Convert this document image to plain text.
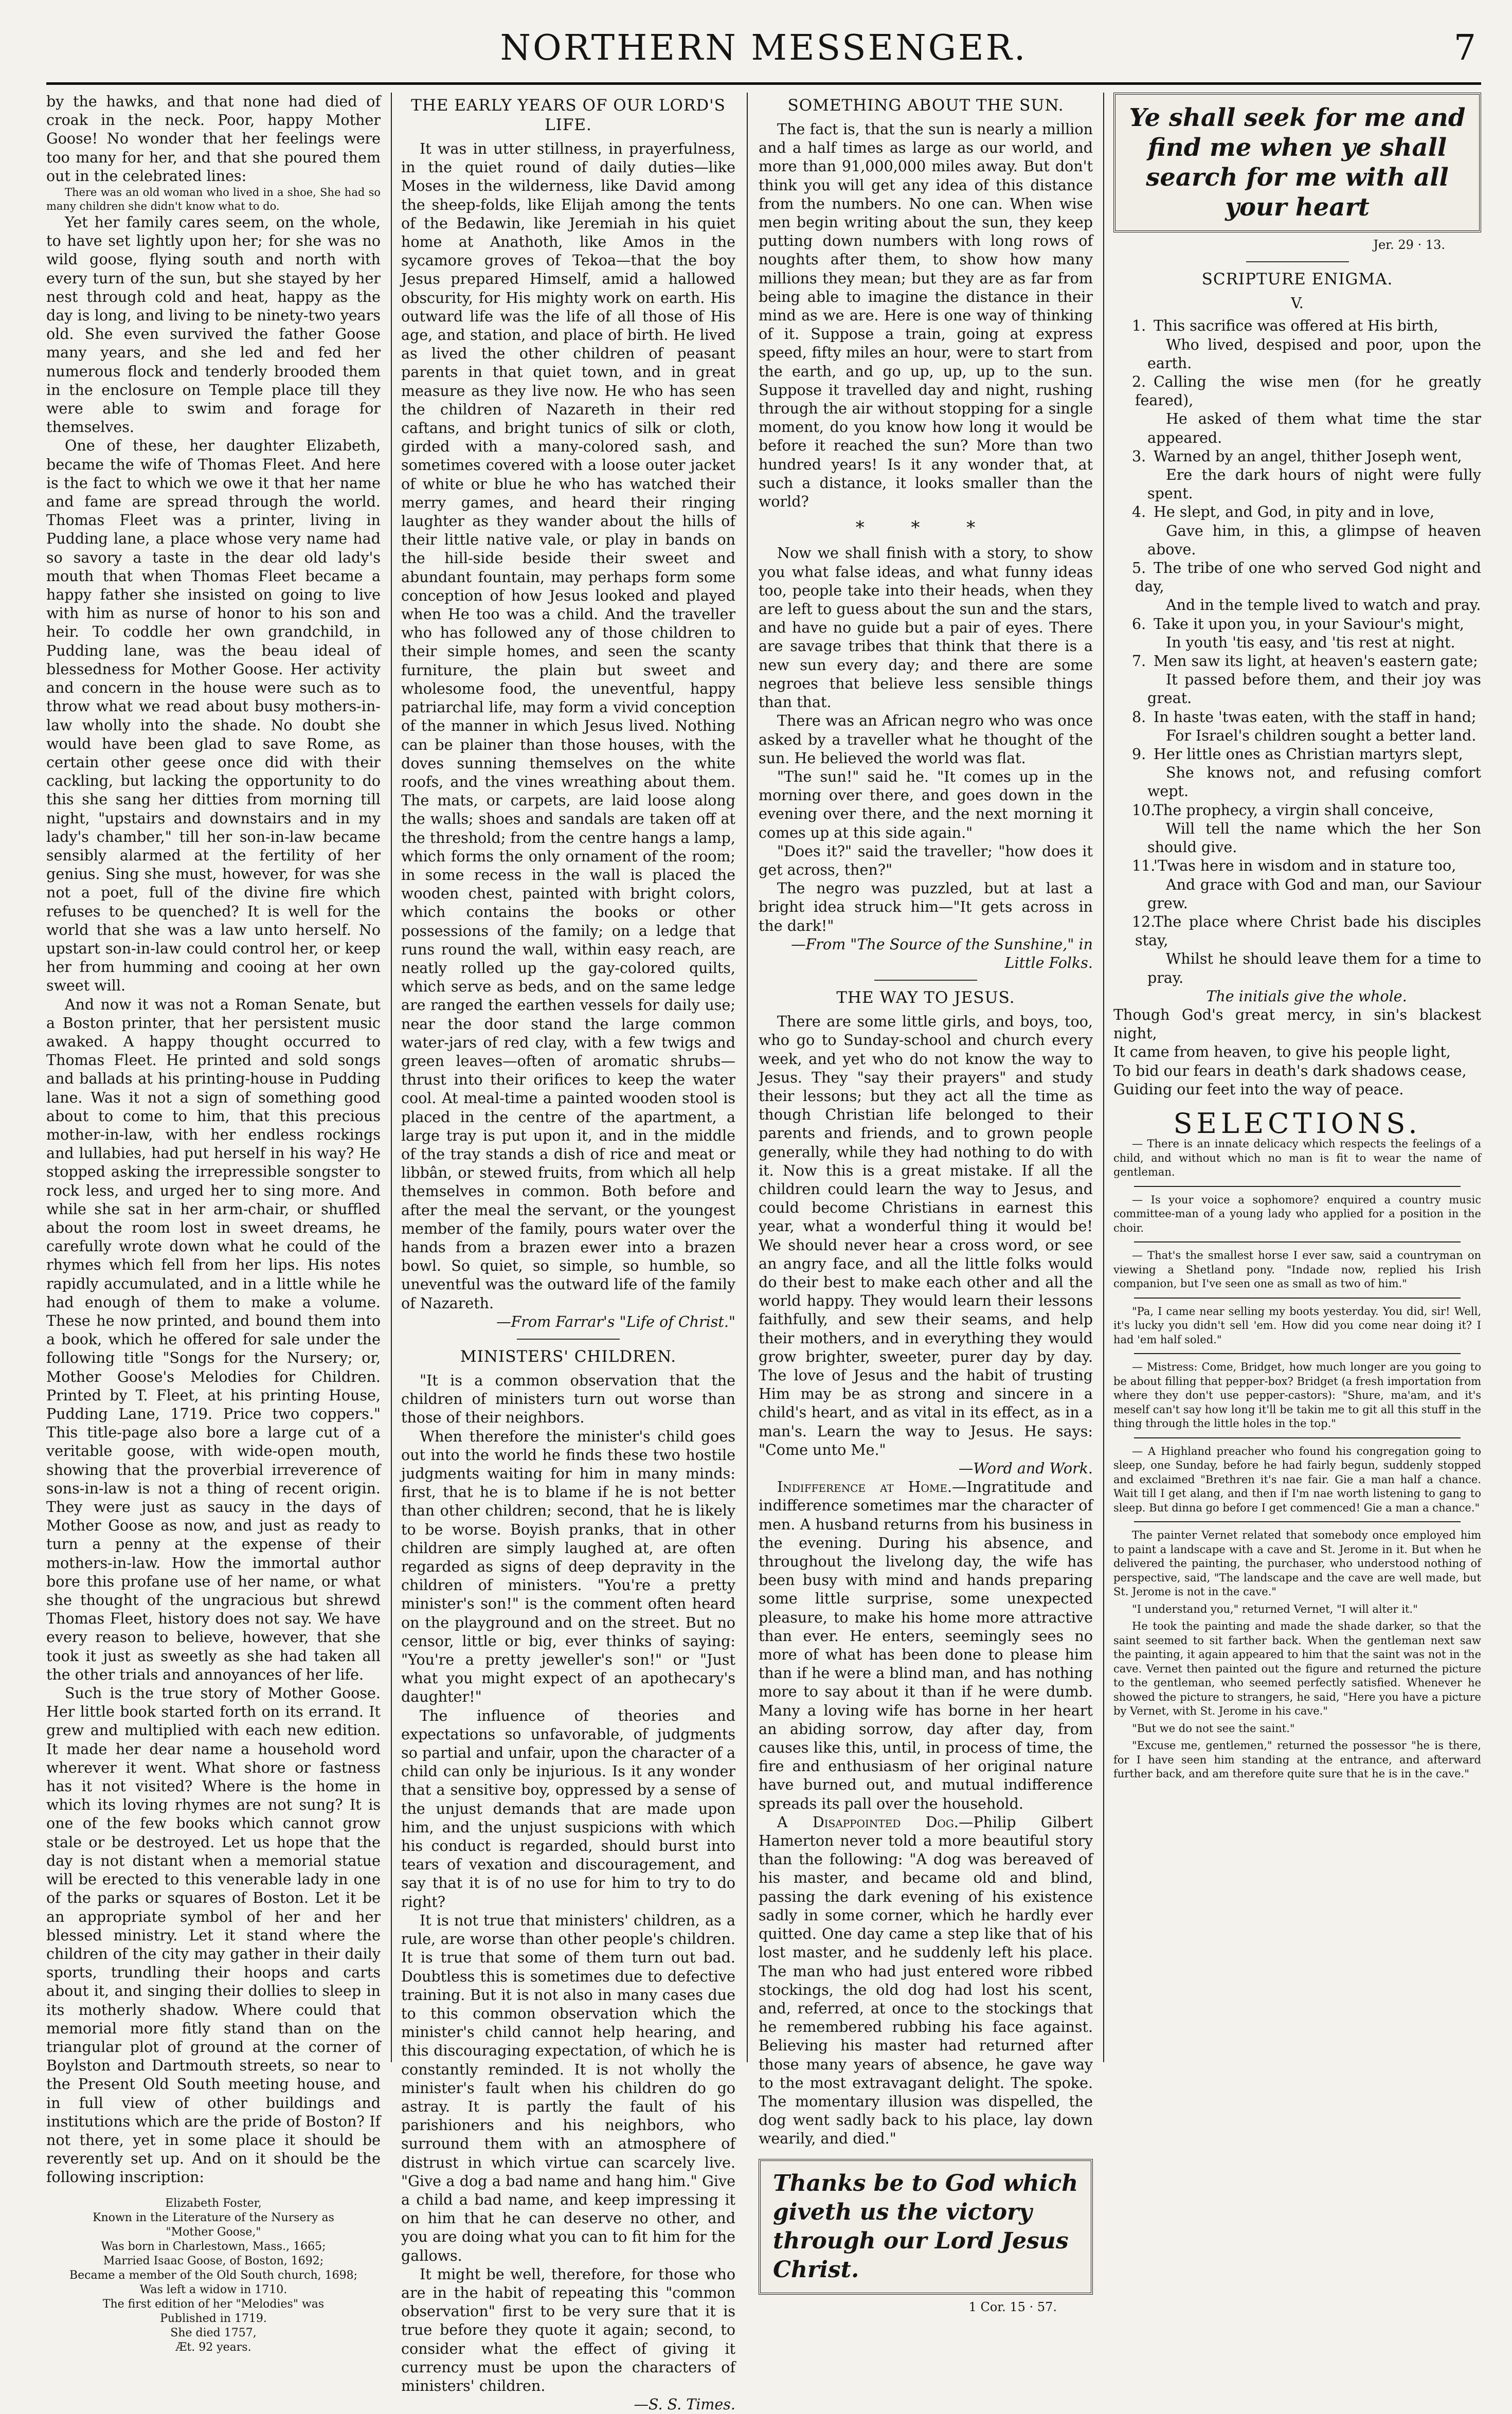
NORTHERN MESSENGER.	7

by the hawks, and that none had died of croak in the neck. Poor, happy Mother Goose! No wonder that her feelings were too many for her, and that she poured them out in the celebrated lines:

There was an old woman who lived in a shoe, She had so many children she didn't know what to do.

Yet her family cares seem, on the whole, to have set lightly upon her; for she was no wild goose, flying south and north with every turn of the sun, but she stayed by her nest through cold and heat, happy as the day is long, and living to be ninety-two years old. She even survived the father Goose many years, and she led and fed her numerous flock and tenderly brooded them in the enclosure on Temple place till they were able to swim and forage for themselves.

One of these, her daughter Elizabeth, became the wife of Thomas Fleet. And here is the fact to which we owe it that her name and fame are spread through the world. Thomas Fleet was a printer, living in Pudding lane, a place whose very name had so savory a taste in the dear old lady's mouth that when Thomas Fleet became a happy father she insisted on going to live with him as nurse of honor to his son and heir. To coddle her own grandchild, in Pudding lane, was the beau ideal of blessedness for Mother Goose. Her activity and concern in the house were such as to throw what we read about busy mothers-in-law wholly into the shade. No doubt she would have been glad to save Rome, as certain other geese once did with their cackling, but lacking the opportunity to do this she sang her ditties from morning till night, "upstairs and downstairs and in my lady's chamber," till her son-in-law became sensibly alarmed at the fertility of her genius. Sing she must, however, for was she not a poet, full of the divine fire which refuses to be quenched? It is well for the world that she was a law unto herself. No upstart son-in-law could control her, or keep her from humming and cooing at her own sweet will.

And now it was not a Roman Senate, but a Boston printer, that her persistent music awaked. A happy thought occurred to Thomas Fleet. He printed and sold songs and ballads at his printing-house in Pudding lane. Was it not a sign of something good about to come to him, that this precious mother-in-law, with her endless rockings and lullabies, had put herself in his way? He stopped asking the irrepressible songster to rock less, and urged her to sing more. And while she sat in her arm-chair, or shuffled about the room lost in sweet dreams, he carefully wrote down what he could of the rhymes which fell from her lips. His notes rapidly accumulated, and in a little while he had enough of them to make a volume. These he now printed, and bound them into a book, which he offered for sale under the following title "Songs for the Nursery; or, Mother Goose's Melodies for Children. Printed by T. Fleet, at his printing House, Pudding Lane, 1719. Price two coppers." This title-page also bore a large cut of a veritable goose, with wide-open mouth, showing that the proverbial irreverence of sons-in-law is not a thing of recent origin. They were just as saucy in the days of Mother Goose as now, and just as ready to turn a penny at the expense of their mothers-in-law. How the immortal author bore this profane use of her name, or what she thought of the ungracious but shrewd Thomas Fleet, history does not say. We have every reason to believe, however, that she took it just as sweetly as she had taken all the other trials and annoyances of her life.

Such is the true story of Mother Goose. Her little book started forth on its errand. It grew and multiplied with each new edition. It made her dear name a household word wherever it went. What shore or fastness has it not visited? Where is the home in which its loving rhymes are not sung? It is one of the few books which cannot grow stale or be destroyed. Let us hope that the day is not distant when a memorial statue will be erected to this venerable lady in one of the parks or squares of Boston. Let it be an appropriate symbol of her and her blessed ministry. Let it stand where the children of the city may gather in their daily sports, trundling their hoops and carts about it, and singing their dollies to sleep in its motherly shadow. Where could that memorial more fitly stand than on the triangular plot of ground at the corner of Boylston and Dartmouth streets, so near to the Present Old South meeting house, and in full view of other buildings and institutions which are the pride of Boston? If not there, yet in some place it should be reverently set up. And on it should be the following inscription:

Elizabeth Foster,
Known in the Literature of the Nursery as
"Mother Goose,"
Was born in Charlestown, Mass., 1665;
Married Isaac Goose, of Boston, 1692;
Became a member of the Old South church, 1698;
Was left a widow in 1710.
The first edition of her "Melodies" was
Published in 1719.
She died 1757,
Æt. 92 years.
THE EARLY YEARS OF OUR LORD'S LIFE.

It was in utter stillness, in prayerfulness, in the quiet round of daily duties—like Moses in the wilderness, like David among the sheep-folds, like Elijah among the tents of the Bedawin, like Jeremiah in his quiet home at Anathoth, like Amos in the sycamore groves of Tekoa—that the boy Jesus prepared Himself, amid a hallowed obscurity, for His mighty work on earth. His outward life was the life of all those of His age, and station, and place of birth. He lived as lived the other children of peasant parents in that quiet town, and in great measure as they live now. He who has seen the children of Nazareth in their red caftans, and bright tunics of silk or cloth, girded with a many-colored sash, and sometimes covered with a loose outer jacket of white or blue he who has watched their merry games, and heard their ringing laughter as they wander about the hills of their little native vale, or play in bands on the hill-side beside their sweet and abundant fountain, may perhaps form some conception of how Jesus looked and played when He too was a child. And the traveller who has followed any of those children to their simple homes, and seen the scanty furniture, the plain but sweet and wholesome food, the uneventful, happy patriarchal life, may form a vivid conception of the manner in which Jesus lived. Nothing can be plainer than those houses, with the doves sunning themselves on the white roofs, and the vines wreathing about them. The mats, or carpets, are laid loose along the walls; shoes and sandals are taken off at the threshold; from the centre hangs a lamp, which forms the only ornament of the room; in some recess in the wall is placed the wooden chest, painted with bright colors, which contains the books or other possessions of the family; on a ledge that runs round the wall, within easy reach, are neatly rolled up the gay-colored quilts, which serve as beds, and on the same ledge are ranged the earthen vessels for daily use; near the door stand the large common water-jars of red clay, with a few twigs and green leaves—often of aromatic shrubs—thrust into their orifices to keep the water cool. At meal-time a painted wooden stool is placed in the centre of the apartment, a large tray is put upon it, and in the middle of the tray stands a dish of rice and meat or libbân, or stewed fruits, from which all help themselves in common. Both before and after the meal the servant, or the youngest member of the family, pours water over the hands from a brazen ewer into a brazen bowl. So quiet, so simple, so humble, so uneventful was the outward life of the family of Nazareth.

—From Farrar's "Life of Christ."

MINISTERS' CHILDREN.

"It is a common observation that the children of ministers turn out worse than those of their neighbors.

When therefore the minister's child goes out into the world he finds these two hostile judgments waiting for him in many minds: first, that he is to blame if he is not better than other children; second, that he is likely to be worse. Boyish pranks, that in other children are simply laughed at, are often regarded as signs of deep depravity in the children of ministers. "You're a pretty minister's son!" is the comment often heard on the playground and on the street. But no censor, little or big, ever thinks of saying: "You're a pretty jeweller's son!" or "Just what you might expect of an apothecary's daughter!"

The influence of theories and expectations so unfavorable, of judgments so partial and unfair, upon the character of a child can only be injurious. Is it any wonder that a sensitive boy, oppressed by a sense of the unjust demands that are made upon him, and the unjust suspicions with which his conduct is regarded, should burst into tears of vexation and discouragement, and say that it is of no use for him to try to do right?

It is not true that ministers' children, as a rule, are worse than other people's children. It is true that some of them turn out bad. Doubtless this is sometimes due to defective training. But it is not also in many cases due to this common observation which the minister's child cannot help hearing, and this discouraging expectation, of which he is constantly reminded. It is not wholly the minister's fault when his children do go astray. It is partly the fault of his parishioners and his neighbors, who surround them with an atmosphere of distrust in which virtue can scarcely live. "Give a dog a bad name and hang him." Give a child a bad name, and keep impressing it on him that he can deserve no other, and you are doing what you can to fit him for the gallows.

It might be well, therefore, for those who are in the habit of repeating this "common observation" first to be very sure that it is true before they quote it again; second, to consider what the effect of giving it currency must be upon the characters of ministers' children.

—S. S. Times.

SOMETHING ABOUT THE SUN.

The fact is, that the sun is nearly a million and a half times as large as our world, and more than 91,000,000 miles away. But don't think you will get any idea of this distance from the numbers. No one can. When wise men begin writing about the sun, they keep putting down numbers with long rows of noughts after them, to show how many millions they mean; but they are as far from being able to imagine the distance in their mind as we are. Here is one way of thinking of it. Suppose a train, going at express speed, fifty miles an hour, were to start from the earth, and go up, up, up to the sun. Suppose it travelled day and night, rushing through the air without stopping for a single moment, do you know how long it would be before it reached the sun? More than two hundred years! Is it any wonder that, at such a distance, it looks smaller than the world?

* * *

Now we shall finish with a story, to show you what false ideas, and what funny ideas too, people take into their heads, when they are left to guess about the sun and the stars, and have no guide but a pair of eyes. There are savage tribes that think that there is a new sun every day; and there are some negroes that believe less sensible things than that.

There was an African negro who was once asked by a traveller what he thought of the sun. He believed the world was flat.

"The sun!" said he. "It comes up in the morning over there, and goes down in the evening over there, and the next morning it comes up at this side again."

"Does it?" said the traveller; "how does it get across, then?"

The negro was puzzled, but at last a bright idea struck him—"It gets across in the dark!"

—From "The Source of the Sunshine," in Little Folks.

THE WAY TO JESUS.

There are some little girls, and boys, too, who go to Sunday-school and church every week, and yet who do not know the way to Jesus. They "say their prayers" and study their lessons; but they act all the time as though Christian life belonged to their parents and friends, and to grown people generally, while they had nothing to do with it. Now this is a great mistake. If all the children could learn the way to Jesus, and could become Christians in earnest this year, what a wonderful thing it would be! We should never hear a cross word, or see an angry face, and all the little folks would do their best to make each other and all the world happy. They would learn their lessons faithfully, and sew their seams, and help their mothers, and in everything they would grow brighter, sweeter, purer day by day. The love of Jesus and the habit of trusting Him may be as strong and sincere in a child's heart, and as vital in its effect, as in a man's. Learn the way to Jesus. He says: "Come unto Me."

—Word and Work.

Indifference at Home.—Ingratitude and indifference sometimes mar the character of men. A husband returns from his business in the evening. During his absence, and throughout the livelong day, the wife has been busy with mind and hands preparing some little surprise, some unexpected pleasure, to make his home more attractive than ever. He enters, seemingly sees no more of what has been done to please him than if he were a blind man, and has nothing more to say about it than if he were dumb. Many a loving wife has borne in her heart an abiding sorrow, day after day, from causes like this, until, in process of time, the fire and enthusiasm of her original nature have burned out, and mutual indifference spreads its pall over the household.

A Disappointed Dog.—Philip Gilbert Hamerton never told a more beautiful story than the following: "A dog was bereaved of his master, and became old and blind, passing the dark evening of his existence sadly in some corner, which he hardly ever quitted. One day came a step like that of his lost master, and he suddenly left his place. The man who had just entered wore ribbed stockings, the old dog had lost his scent, and, referred, at once to the stockings that he remembered rubbing his face against. Believing his master had returned after those many years of absence, he gave way to the most extravagant delight. The spoke. The momentary illusion was dispelled, the dog went sadly back to his place, lay down wearily, and died."

Thanks be to God which giveth us the victory through our Lord Jesus Christ.
1 Cor. 15 · 57.
Ye shall seek for me and find me when ye shall search for me with all your heart
Jer. 29 · 13.
SCRIPTURE ENIGMA.
V.

1. This sacrifice was offered at His birth,
Who lived, despised and poor, upon the earth.

2. Calling the wise men (for he greatly feared),
He asked of them what time the star appeared.

3. Warned by an angel, thither Joseph went,
Ere the dark hours of night were fully spent.

4. He slept, and God, in pity and in love,
Gave him, in this, a glimpse of heaven above.

5. The tribe of one who served God night and day,
And in the temple lived to watch and pray.

6. Take it upon you, in your Saviour's might,
In youth 'tis easy, and 'tis rest at night.

7. Men saw its light, at heaven's eastern gate;
It passed before them, and their joy was great.

8. In haste 'twas eaten, with the staff in hand;
For Israel's children sought a better land.

9. Her little ones as Christian martyrs slept,
She knows not, and refusing comfort wept.

10.
The prophecy, a virgin shall conceive,
Will tell the name which the her Son should give.

11.
'Twas here in wisdom and in stature too,
And grace with God and man, our Saviour grew.

12.
The place where Christ bade his disciples stay,
Whilst he should leave them for a time to pray.

The initials give the whole.

Though God's great mercy, in sin's blackest night,
It came from heaven, to give his people light,
To bid our fears in death's dark shadows cease,
Guiding our feet into the way of peace.
SELECTIONS.

— There is an innate delicacy which respects the feelings of a child, and without which no man is fit to wear the name of gentleman.

— Is your voice a sophomore? enquired a country music committee-man of a young lady who applied for a position in the choir.

— That's the smallest horse I ever saw, said a countryman on viewing a Shetland pony. "Indade now, replied his Irish companion, but I've seen one as small as two of him."

"Pa, I came near selling my boots yesterday. You did, sir! Well, it's lucky you didn't sell 'em. How did you come near doing it? I had 'em half soled."

— Mistress: Come, Bridget, how much longer are you going to be about filling that pepper-box? Bridget (a fresh importation from where they don't use pepper-castors): "Shure, ma'am, and it's meself can't say how long it'll be takin me to git all this stuff in the thing through the little holes in the top."

— A Highland preacher who found his congregation going to sleep, one Sunday, before he had fairly begun, suddenly stopped and exclaimed "Brethren it's nae fair. Gie a man half a chance. Wait till I get alang, and then if I'm nae worth listening to gang to sleep. But dinna go before I get commenced! Gie a man a chance."

The painter Vernet related that somebody once employed him to paint a landscape with a cave and St. Jerome in it. But when he delivered the painting, the purchaser, who understood nothing of perspective, said, "The landscape and the cave are well made, but St. Jerome is not in the cave."

"I understand you," returned Vernet, "I will alter it."

He took the painting and made the shade darker, so that the saint seemed to sit farther back. When the gentleman next saw the painting, it again appeared to him that the saint was not in the cave. Vernet then painted out the figure and returned the picture to the gentleman, who seemed perfectly satisfied. Whenever he showed the picture to strangers, he said, "Here you have a picture by Vernet, with St. Jerome in his cave."

"But we do not see the saint."

"Excuse me, gentlemen," returned the possessor "he is there, for I have seen him standing at the entrance, and afterward further back, and am therefore quite sure that he is in the cave."
